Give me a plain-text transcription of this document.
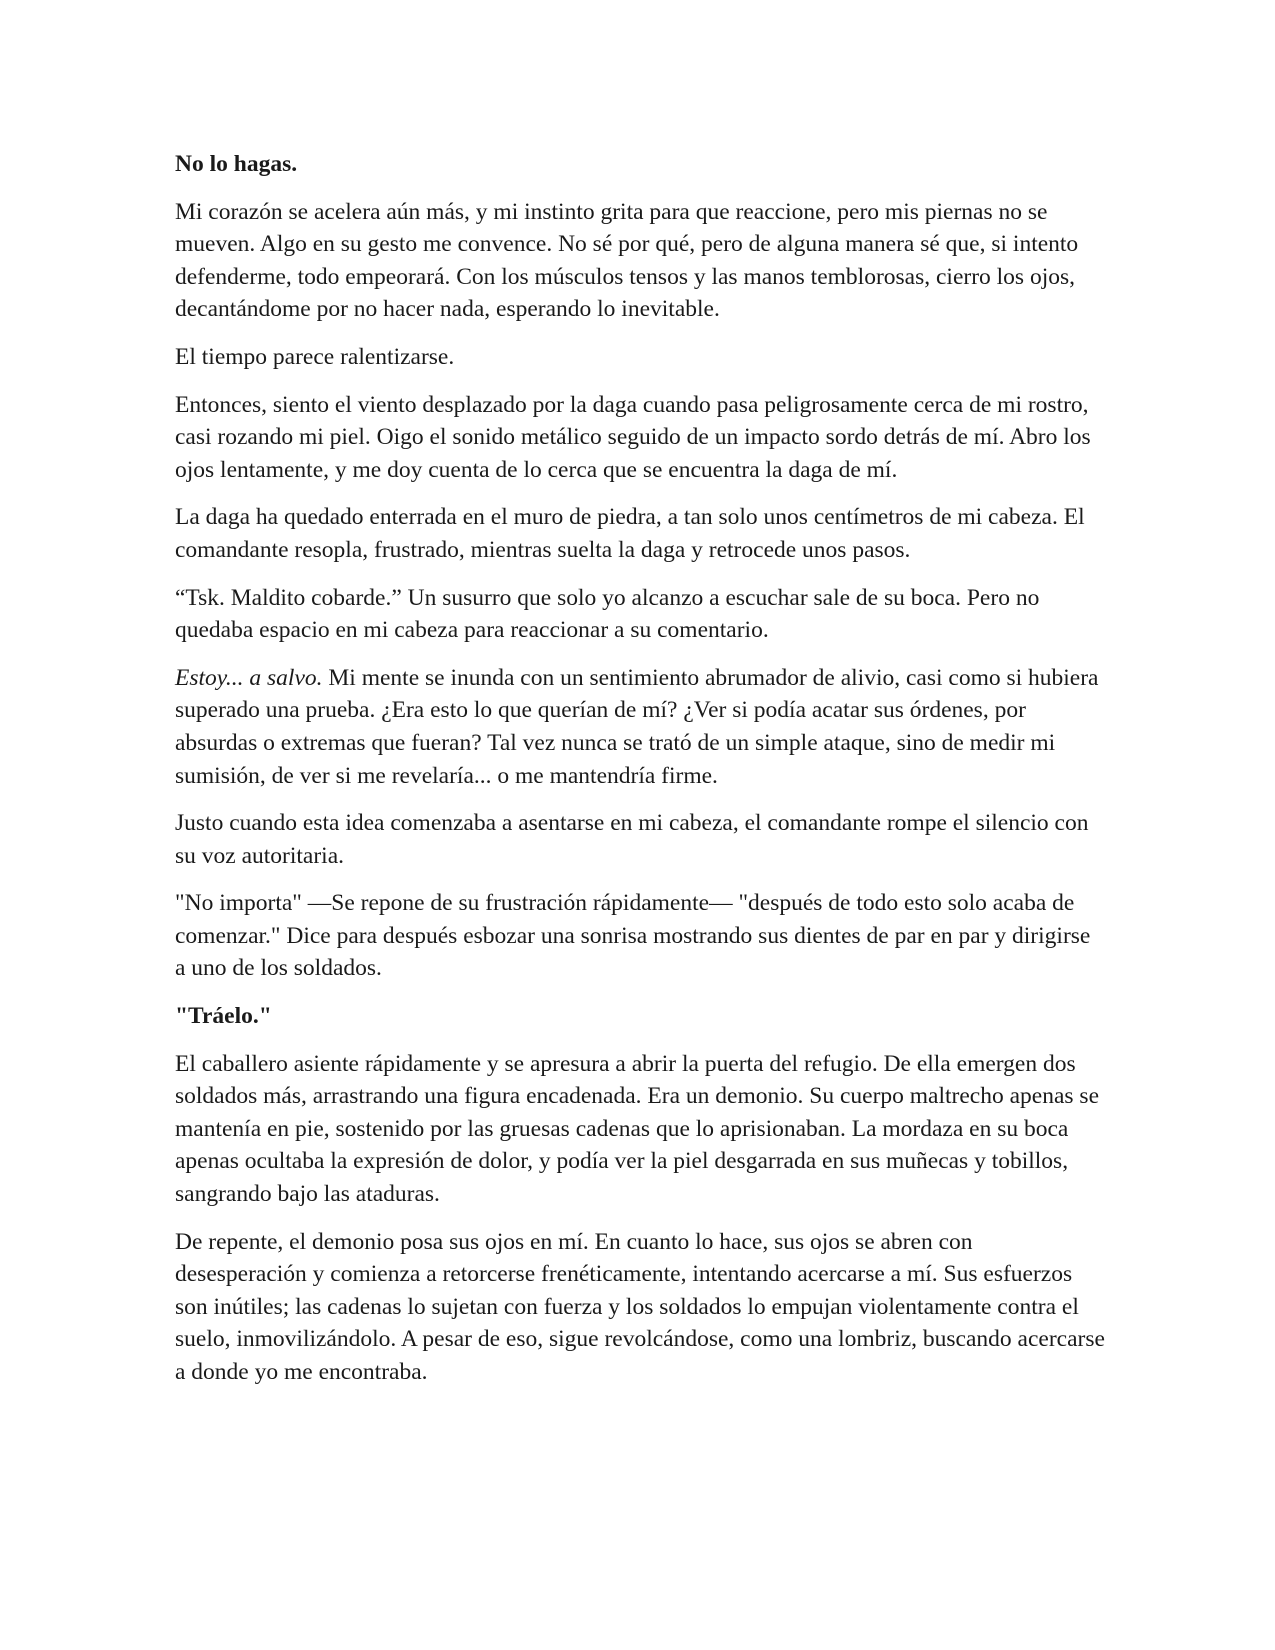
No lo hagas.

Mi corazón se acelera aún más, y mi instinto grita para que reaccione, pero mis piernas no se mueven. Algo en su gesto me convence. No sé por qué, pero de alguna manera sé que, si intento defenderme, todo empeorará. Con los músculos tensos y las manos temblorosas, cierro los ojos, decantándome por no hacer nada, esperando lo inevitable.

El tiempo parece ralentizarse.

Entonces, siento el viento desplazado por la daga cuando pasa peligrosamente cerca de mi rostro, casi rozando mi piel. Oigo el sonido metálico seguido de un impacto sordo detrás de mí. Abro los ojos lentamente, y me doy cuenta de lo cerca que se encuentra la daga de mí.

La daga ha quedado enterrada en el muro de piedra, a tan solo unos centímetros de mi cabeza. El comandante resopla, frustrado, mientras suelta la daga y retrocede unos pasos.

“Tsk. Maldito cobarde.” Un susurro que solo yo alcanzo a escuchar sale de su boca. Pero no quedaba espacio en mi cabeza para reaccionar a su comentario.

Estoy... a salvo. Mi mente se inunda con un sentimiento abrumador de alivio, casi como si hubiera superado una prueba. ¿Era esto lo que querían de mí? ¿Ver si podía acatar sus órdenes, por absurdas o extremas que fueran? Tal vez nunca se trató de un simple ataque, sino de medir mi sumisión, de ver si me revelaría... o me mantendría firme.

Justo cuando esta idea comenzaba a asentarse en mi cabeza, el comandante rompe el silencio con su voz autoritaria.

"No importa" —Se repone de su frustración rápidamente— "después de todo esto solo acaba de comenzar." Dice para después esbozar una sonrisa mostrando sus dientes de par en par y dirigirse a uno de los soldados.

"Tráelo."

El caballero asiente rápidamente y se apresura a abrir la puerta del refugio. De ella emergen dos soldados más, arrastrando una figura encadenada. Era un demonio. Su cuerpo maltrecho apenas se mantenía en pie, sostenido por las gruesas cadenas que lo aprisionaban. La mordaza en su boca apenas ocultaba la expresión de dolor, y podía ver la piel desgarrada en sus muñecas y tobillos, sangrando bajo las ataduras.

De repente, el demonio posa sus ojos en mí. En cuanto lo hace, sus ojos se abren con desesperación y comienza a retorcerse frenéticamente, intentando acercarse a mí. Sus esfuerzos son inútiles; las cadenas lo sujetan con fuerza y los soldados lo empujan violentamente contra el suelo, inmovilizándolo. A pesar de eso, sigue revolcándose, como una lombriz, buscando acercarse a donde yo me encontraba.
